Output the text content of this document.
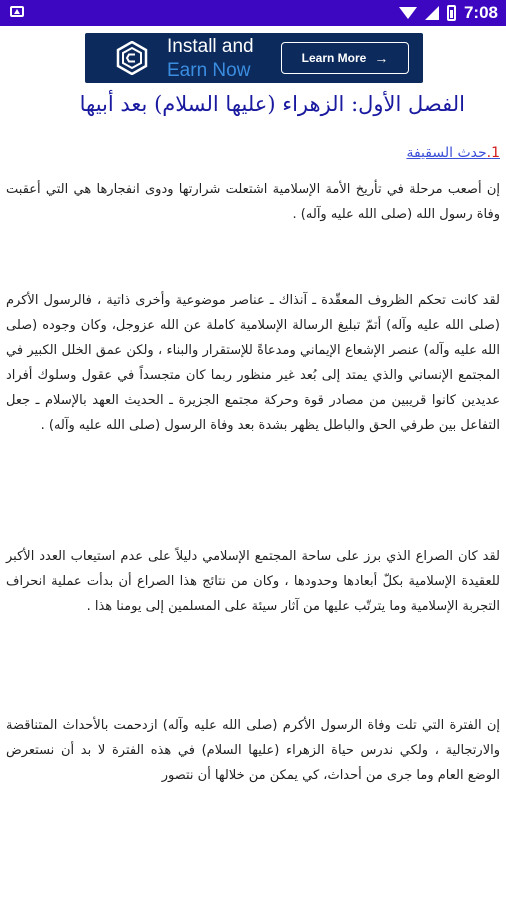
7:08
Install and
Earn Now
Learn More →
الفصل الأول: الزهراء (عليها السلام) بعد أبيها
1.حدث السقيفة

إن أصعب مرحلة في تأريخ الأمة الإسلامية اشتعلت شرارتها ودوى انفجارها هي التي أعقبت وفاة رسول الله (صلى الله عليه وآله) .

لقد كانت تحكم الظروف المعقّدة ـ آنذاك ـ عناصر موضوعية وأخرى ذاتية ، فالرسول الأكرم (صلى الله عليه وآله) أتمّ تبليغ الرسالة الإسلامية كاملة عن الله عزوجل، وكان وجوده (صلى الله عليه وآله) عنصر الإشعاع الإيماني ومدعاةً للإستقرار والبناء ، ولكن عمق الخلل الكبير في المجتمع الإنساني والذي يمتد إلى بُعد غير منظور ربما كان متجسداً في عقول وسلوك أفراد عديدين كانوا قريبين من مصادر قوة وحركة مجتمع الجزيرة ـ الحديث العهد بالإسلام ـ جعل التفاعل بين طرفي الحق والباطل يظهر بشدة بعد وفاة الرسول (صلى الله عليه وآله) .

لقد كان الصراع الذي برز على ساحة المجتمع الإسلامي دليلاً على عدم استيعاب العدد الأكبر للعقيدة الإسلامية بكلّ أبعادها وحدودها ، وكان من نتائج هذا الصراع أن بدأت عملية انحراف التجربة الإسلامية وما يترتّب عليها من آثار سيئة على المسلمين إلى يومنا هذا .

إن الفترة التي تلت وفاة الرسول الأكرم (صلى الله عليه وآله) ازدحمت بالأحداث المتناقضة والارتجالية ، ولكي ندرس حياة الزهراء (عليها السلام) في هذه الفترة لا بد أن نستعرض الوضع العام وما جرى من أحداث، كي يمكن من خلالها أن نتصور
